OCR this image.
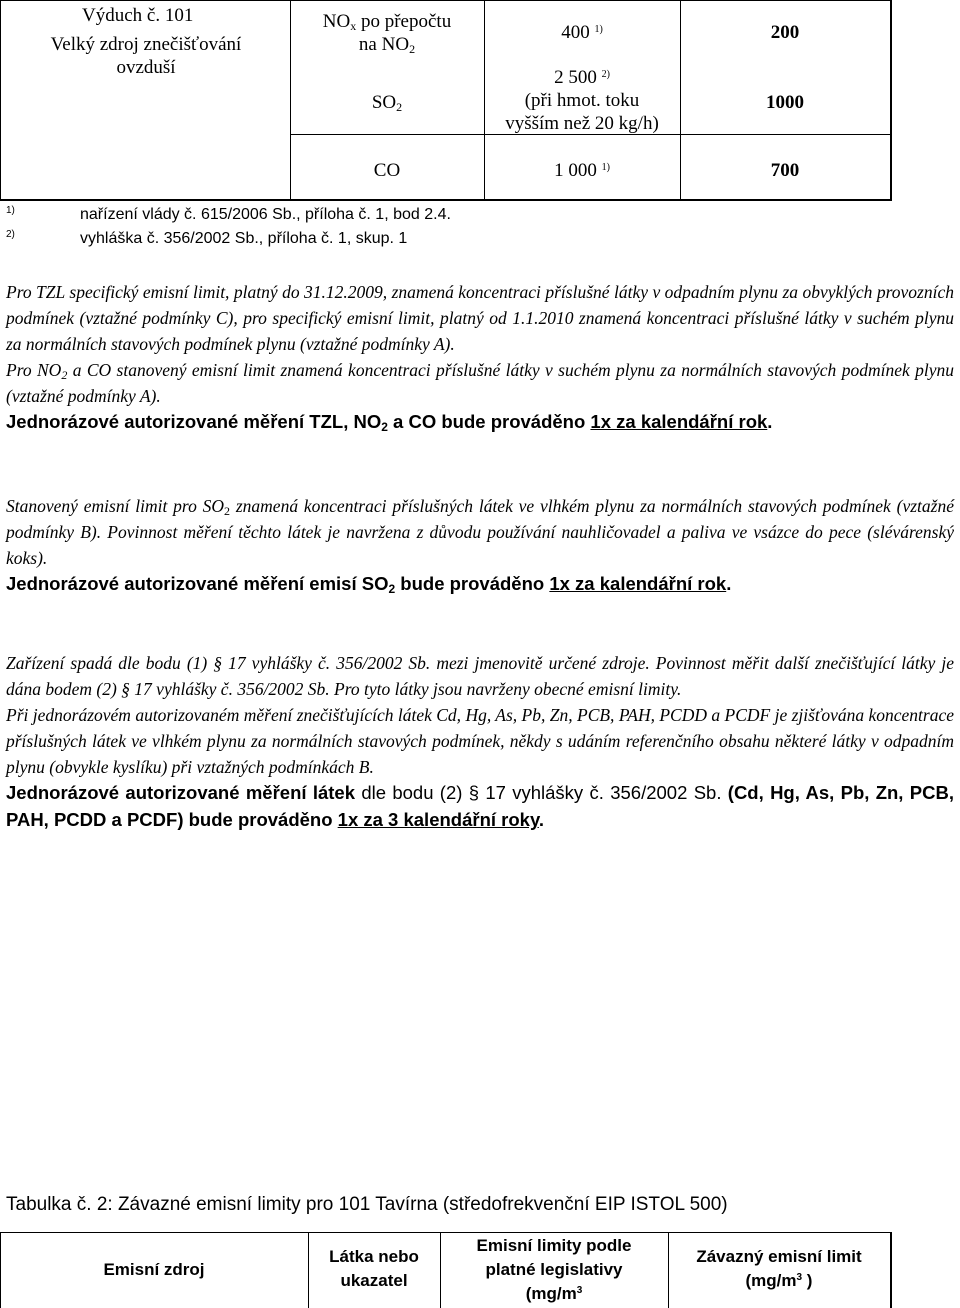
Výduch č. 101
Velký zdroj znečišťování
ovzduší
$NO_x$ po přepočtu
na $NO_2$
$SO_2$
CO
400 $^{1)}$
2 500 $^{2)}$
(při hmot. toku
vyšším než 20 kg/h)
1 000 $^{1)}$
200
1000
700
1)	nařízení vlády č. 615/2006 Sb., příloha č. 1, bod 2.4.
2)	vyhláška č. 356/2002 Sb., příloha č. 1, skup. 1

Pro TZL specifický emisní limit, platný do 31.12.2009, znamená koncentraci příslušné látky v odpadním plynu za obvyklých provozních podmínek (vztažné podmínky C), pro specifický emisní limit, platný od 1.1.2010 znamená koncentraci příslušné látky v suchém plynu za normálních stavových podmínek plynu (vztažné podmínky A).

Pro $NO_2$ a CO stanovený emisní limit znamená koncentraci příslušné látky v suchém plynu za normálních stavových podmínek plynu (vztažné podmínky A).

Jednorázové autorizované měření TZL, $NO_2$ a CO bude prováděno 1x za kalendářní rok.

Stanovený emisní limit pro $SO_2$ znamená koncentraci příslušných látek ve vlhkém plynu za normálních stavových podmínek (vztažné podmínky B). Povinnost měření těchto látek je navržena z důvodu používání nauhličovadel a paliva ve vsázce do pece (slévárenský koks).

Jednorázové autorizované měření emisí $SO_2$ bude prováděno 1x za kalendářní rok.

Zařízení spadá dle bodu (1) § 17 vyhlášky č. 356/2002 Sb. mezi jmenovitě určené zdroje. Povinnost měřit další znečišťující látky je dána bodem (2) § 17 vyhlášky č. 356/2002 Sb. Pro tyto látky jsou navrženy obecné emisní limity.

Při jednorázovém autorizovaném měření znečišťujících látek Cd, Hg, As, Pb, Zn, PCB, PAH, PCDD a PCDF je zjišťována koncentrace příslušných látek ve vlhkém plynu za normálních stavových podmínek, někdy s udáním referenčního obsahu některé látky v odpadním plynu (obvykle kyslíku) při vztažných podmínkách B.

Jednorázové autorizované měření látek dle bodu (2) § 17 vyhlášky č. 356/2002 Sb. (Cd, Hg, As, Pb, Zn, PCB, PAH, PCDD a PCDF) bude prováděno 1x za 3 kalendářní roky.

Tabulka č. 2: Závazné emisní limity pro 101 Tavírna (středofrekvenční EIP ISTOL 500)
Emisní zdroj
Látka nebo
ukazatel
Emisní limity podle
platné legislativy
($mg/m^3$
Závazný emisní limit
($mg/m^3$ )
